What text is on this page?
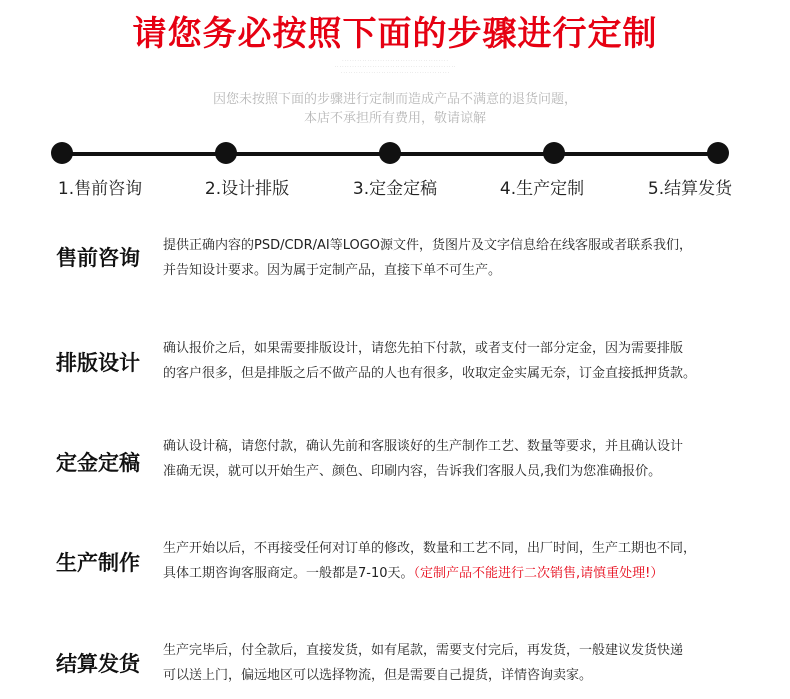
请您务必按照下面的步骤进行定制
· · · · · · · · · · · · · · · · · · · · · · · · · · · · · · · · · · · · · · · · · ·
· · · · · · · · · · · · · · · · · · · · · · · · · · · · · · · · · · · · · · · · · · · · · · · ·
· · · · · · · · · · · · · · · · · · · · · · · · · · · · · · · · · · · · · · · · · · ·
因您未按照下面的步骤进行定制而造成产品不满意的退货问题，
本店不承担所有费用，敬请谅解
1.售前咨询	2.设计排版	3.定金定稿	4.生产定制	5.结算发货
售前咨询
提供正确内容的PSD/CDR/AI等LOGO源文件，货图片及文字信息给在线客服或者联系我们，
并告知设计要求。因为属于定制产品，直接下单不可生产。
排版设计
确认报价之后，如果需要排版设计，请您先拍下付款，或者支付一部分定金，因为需要排版
的客户很多，但是排版之后不做产品的人也有很多，收取定金实属无奈，订金直接抵押货款。
定金定稿
确认设计稿，请您付款，确认先前和客服谈好的生产制作工艺、数量等要求，并且确认设计
准确无误，就可以开始生产、颜色、印刷内容，告诉我们客服人员,我们为您准确报价。
生产制作
生产开始以后，不再接受任何对订单的修改，数量和工艺不同，出厂时间，生产工期也不同，
具体工期咨询客服商定。一般都是7-10天。（定制产品不能进行二次销售,请慎重处理!）
结算发货
生产完毕后，付全款后，直接发货，如有尾款，需要支付完后，再发货，一般建议发货快递
可以送上门，偏远地区可以选择物流，但是需要自己提货，详情咨询卖家。
